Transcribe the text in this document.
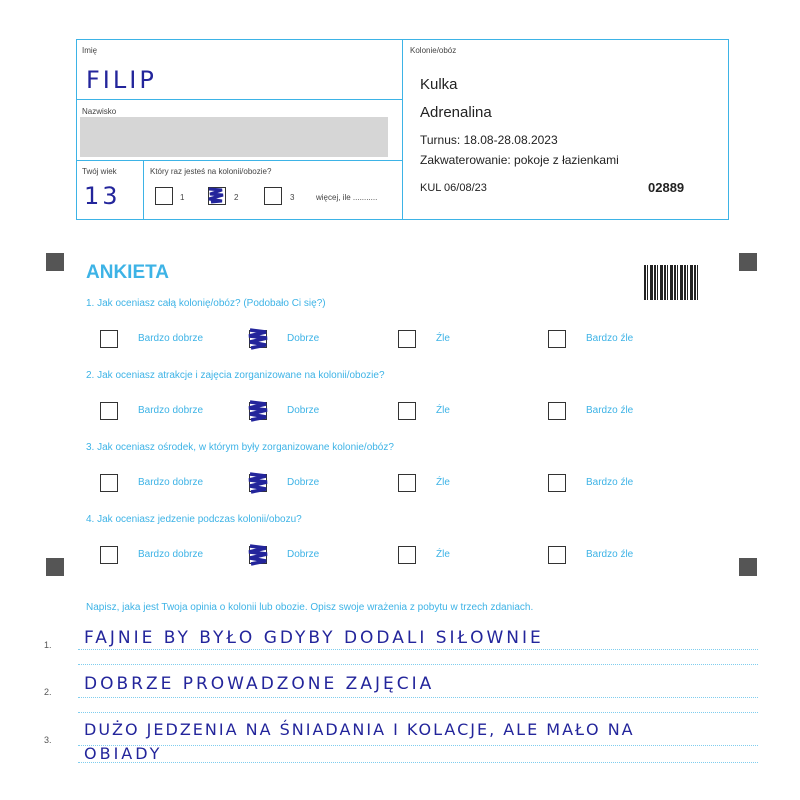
Imię
FILIP
Nazwisko
Twój wiek
13
Który raz jesteś na kolonii/obozie?
1	2	3	więcej, ile ...........
Kolonie/obóz
Kulka
Adrenalina
Turnus: 18.08-28.08.2023
Zakwaterowanie: pokoje z łazienkami
KUL 06/08/23	02889
ANKIETA
1. Jak oceniasz całą kolonię/obóz? (Podobało Ci się?)
Bardzo dobrze	Dobrze	Źle	Bardzo źle
2. Jak oceniasz atrakcje i zajęcia zorganizowane na kolonii/obozie?
Bardzo dobrze	Dobrze	Źle	Bardzo źle
3. Jak oceniasz ośrodek, w którym były zorganizowane kolonie/obóz?
Bardzo dobrze	Dobrze	Źle	Bardzo źle
4. Jak oceniasz jedzenie podczas kolonii/obozu?
Bardzo dobrze	Dobrze	Źle	Bardzo źle
Napisz, jaka jest Twoja opinia o kolonii lub obozie. Opisz swoje wrażenia z pobytu w trzech zdaniach.
1. FAJNIE BY BYŁO GDYBY DODALI SIŁOWNIE
2. DOBRZE PROWADZONE ZAJĘCIA
3.
DUŻO JEDZENIA NA ŚNIADANIA I KOLACJE, ALE MAŁO NA
OBIADY
